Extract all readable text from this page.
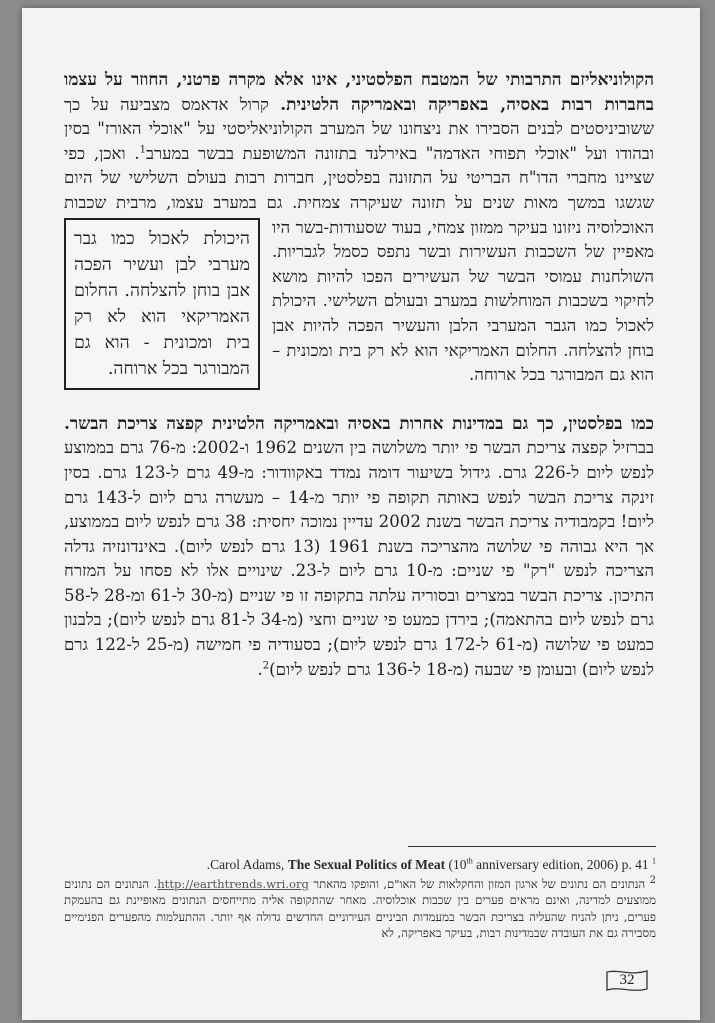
הקולוניאליזם התרבותי של המטבח הפלסטיני, אינו אלא מקרה פרטני, החוזר על עצמו בחברות רבות באסיה, באפריקה ובאמריקה הלטינית. קרול אדאמס מצביעה על כך ששוביניסטים לבנים הסבירו את ניצחונו של המערב הקולוניאליסטי על "אוכלי האורז" בסין ובהודו ועל "אוכלי תפוחי האדמה" באירלנד בתזונה המשופעת בבשר במערב$^1$. ואכן, כפי שציינו מחברי הדו"ח הבריטי על התזונה בפלסטין, חברות רבות בעולם השלישי של היום שגשגו במשך מאות שנים על תזונה שעיקרה צמחית. גם במערב עצמו, מרבית שכבות האוכלוסיה ניזונו בעיקר ממזון צמחי, בעוד
היכולת לאכול כמו גבר מערבי לבן ועשיר הפכה אבן בוחן להצלחה. החלום האמריקאי הוא לא רק בית ומכונית - הוא גם המבורגר בכל ארוחה.
שסעודות-בשר היו מאפיין של השכבות העשירות ובשר נתפס כסמל לגבריות. השולחנות עמוסי הבשר של העשירים הפכו להיות מושא לחיקוי בשכבות המוחלשות במערב ובעולם השלישי. היכולת לאכול כמו הגבר המערבי הלבן והעשיר הפכה להיות אבן בוחן להצלחה. החלום האמריקאי הוא לא רק בית ומכונית – הוא גם המבורגר בכל ארוחה.

כמו בפלסטין, כך גם במדינות אחרות באסיה ובאמריקה הלטינית קפצה צריכת הבשר. בברזיל קפצה צריכת הבשר פי יותר משלושה בין השנים 1962 ו-2002: מ-76 גרם בממוצע לנפש ליום ל-226 גרם. גידול בשיעור דומה נמדד באקוודור: מ-49 גרם ל-123 גרם. בסין זינקה צריכת הבשר לנפש באותה תקופה פי יותר מ-14 – מעשרה גרם ליום ל-143 גרם ליום! בקמבודיה צריכת הבשר בשנת 2002 עדיין נמוכה יחסית: 38 גרם לנפש ליום בממוצע, אך היא גבוהה פי שלושה מהצריכה בשנת 1961 (13 גרם לנפש ליום). באינדונזיה גדלה הצריכה לנפש "רק" פי שניים: מ-10 גרם ליום ל-23. שינויים אלו לא פסחו על המזרח התיכון. צריכת הבשר במצרים ובסוריה עלתה בתקופה זו פי שניים (מ-30 ל-61 ומ-28 ל-58 גרם לנפש ליום בהתאמה); בירדן כמעט פי שניים וחצי (מ-34 ל-81 גרם לנפש ליום); בלבנון כמעט פי שלושה (מ-61 ל-172 גרם לנפש ליום); בסעודיה פי חמישה (מ-25 ל-122 גרם לנפש ליום) ובעומן פי שבעה (מ-18 ל-136 גרם לנפש ליום)$^2$.

.Carol Adams, The Sexual Politics of Meat (10th anniversary edition, 2006) p. 41 $^1$
$^2$ הנתונים הם נתונים של ארגון המזון והחקלאות של האו"ם, והופקו מהאתר http://earthtrends.wri.org. הנתונים הם נתונים ממוצעים למדינה, ואינם מראים פערים בין שכבות אוכלוסיה. מאחר שהתקופה אליה מתייחסים הנתונים מאופיינת גם בהעמקת פערים, ניתן להניח שהעליה בצריכת הבשר במעמדות הביניים העירוניים החדשים גדולה אף יותר. ההתעלמות מהפערים הפנימיים מסבירה גם את העובדה שבמדינות רבות, בעיקר באפריקה, לא
32
